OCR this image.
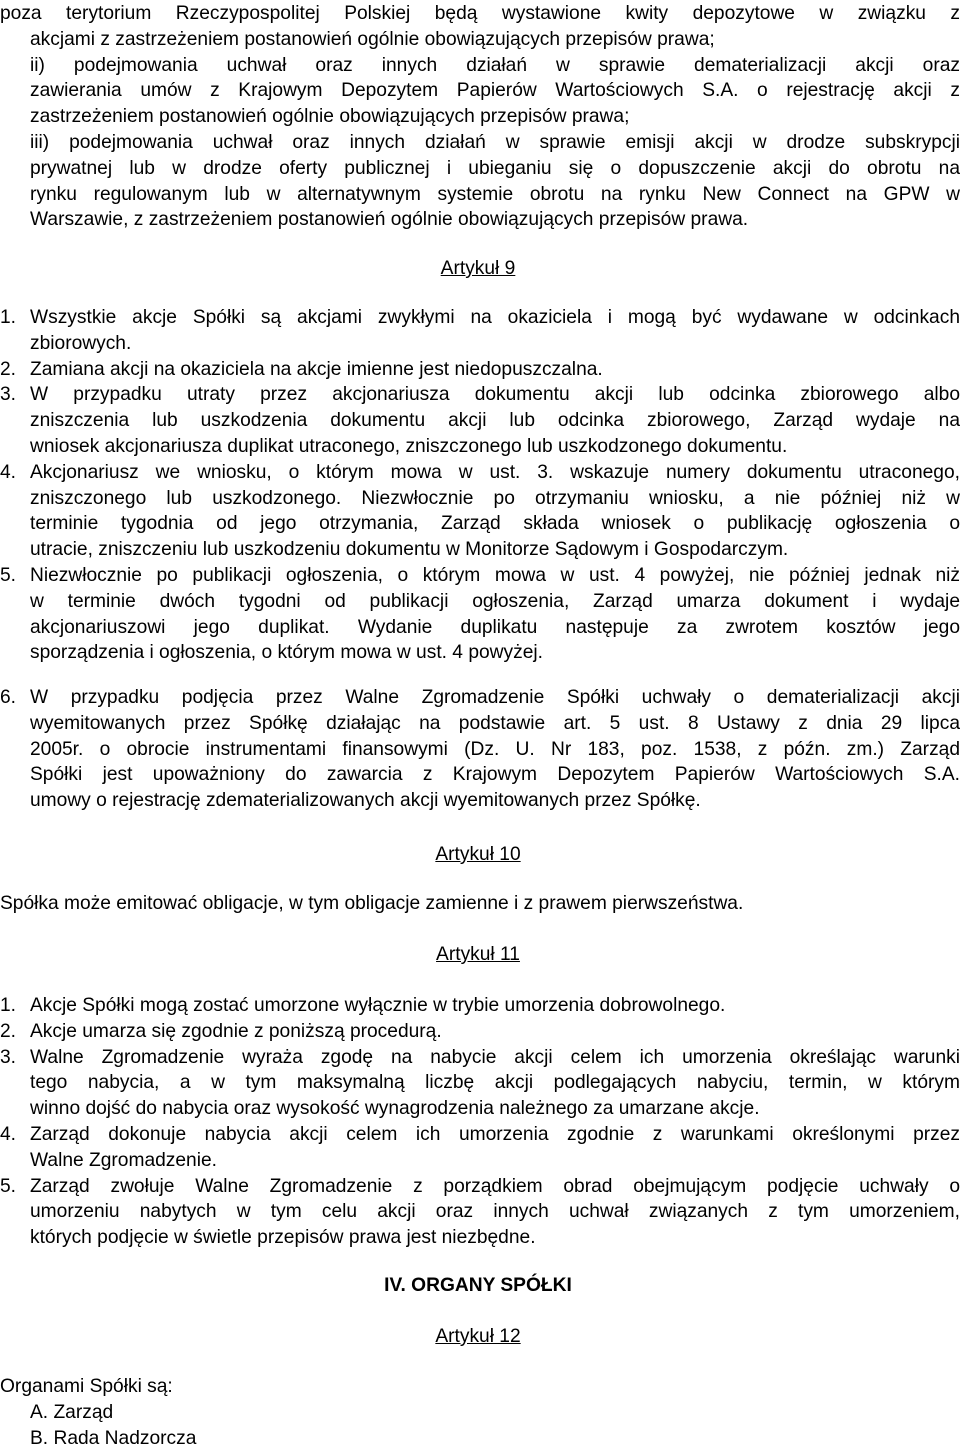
poza terytorium Rzeczypospolitej Polskiej będą wystawione kwity depozytowe w związku z

akcjami z zastrzeżeniem postanowień ogólnie obowiązujących przepisów prawa;

ii) podejmowania uchwał oraz innych działań w sprawie dematerializacji akcji oraz

zawierania umów z Krajowym Depozytem Papierów Wartościowych S.A. o rejestrację akcji z

zastrzeżeniem postanowień ogólnie obowiązujących przepisów prawa;

iii) podejmowania uchwał oraz innych działań w sprawie emisji akcji w drodze subskrypcji

prywatnej lub w drodze oferty publicznej i ubieganiu się o dopuszczenie akcji do obrotu na

rynku regulowanym lub w alternatywnym systemie obrotu na rynku New Connect na GPW w

Warszawie, z zastrzeżeniem postanowień ogólnie obowiązujących przepisów prawa.

Artykuł 9

1. Wszystkie akcje Spółki są akcjami zwykłymi na okaziciela i mogą być wydawane w odcinkach

zbiorowych.

2. Zamiana akcji na okaziciela na akcje imienne jest niedopuszczalna.

3. W przypadku utraty przez akcjonariusza dokumentu akcji lub odcinka zbiorowego albo

zniszczenia lub uszkodzenia dokumentu akcji lub odcinka zbiorowego, Zarząd wydaje na

wniosek akcjonariusza duplikat utraconego, zniszczonego lub uszkodzonego dokumentu.

4. Akcjonariusz we wniosku, o którym mowa w ust. 3. wskazuje numery dokumentu utraconego,

zniszczonego lub uszkodzonego. Niezwłocznie po otrzymaniu wniosku, a nie później niż w

terminie tygodnia od jego otrzymania, Zarząd składa wniosek o publikację ogłoszenia o

utracie, zniszczeniu lub uszkodzeniu dokumentu w Monitorze Sądowym i Gospodarczym.

5. Niezwłocznie po publikacji ogłoszenia, o którym mowa w ust. 4 powyżej, nie później jednak niż

w terminie dwóch tygodni od publikacji ogłoszenia, Zarząd umarza dokument i wydaje

akcjonariuszowi jego duplikat. Wydanie duplikatu następuje za zwrotem kosztów jego

sporządzenia i ogłoszenia, o którym mowa w ust. 4 powyżej.

6. W przypadku podjęcia przez Walne Zgromadzenie Spółki uchwały o dematerializacji akcji

wyemitowanych przez Spółkę działając na podstawie art. 5 ust. 8 Ustawy z dnia 29 lipca

2005r. o obrocie instrumentami finansowymi (Dz. U. Nr 183, poz. 1538, z późn. zm.) Zarząd

Spółki jest upoważniony do zawarcia z Krajowym Depozytem Papierów Wartościowych S.A.

umowy o rejestrację zdematerializowanych akcji wyemitowanych przez Spółkę.

Artykuł 10

Spółka może emitować obligacje, w tym obligacje zamienne i z prawem pierwszeństwa.

Artykuł 11

1. Akcje Spółki mogą zostać umorzone wyłącznie w trybie umorzenia dobrowolnego.

2. Akcje umarza się zgodnie z poniższą procedurą.

3. Walne Zgromadzenie wyraża zgodę na nabycie akcji celem ich umorzenia określając warunki

tego nabycia, a w tym maksymalną liczbę akcji podlegających nabyciu, termin, w którym

winno dojść do nabycia oraz wysokość wynagrodzenia należnego za umarzane akcje.

4. Zarząd dokonuje nabycia akcji celem ich umorzenia zgodnie z warunkami określonymi przez

Walne Zgromadzenie.

5. Zarząd zwołuje Walne Zgromadzenie z porządkiem obrad obejmującym podjęcie uchwały o

umorzeniu nabytych w tym celu akcji oraz innych uchwał związanych z tym umorzeniem,

których podjęcie w świetle przepisów prawa jest niezbędne.

IV. ORGANY SPÓŁKI

Artykuł 12

Organami Spółki są:

A. Zarząd

B. Rada Nadzorcza
